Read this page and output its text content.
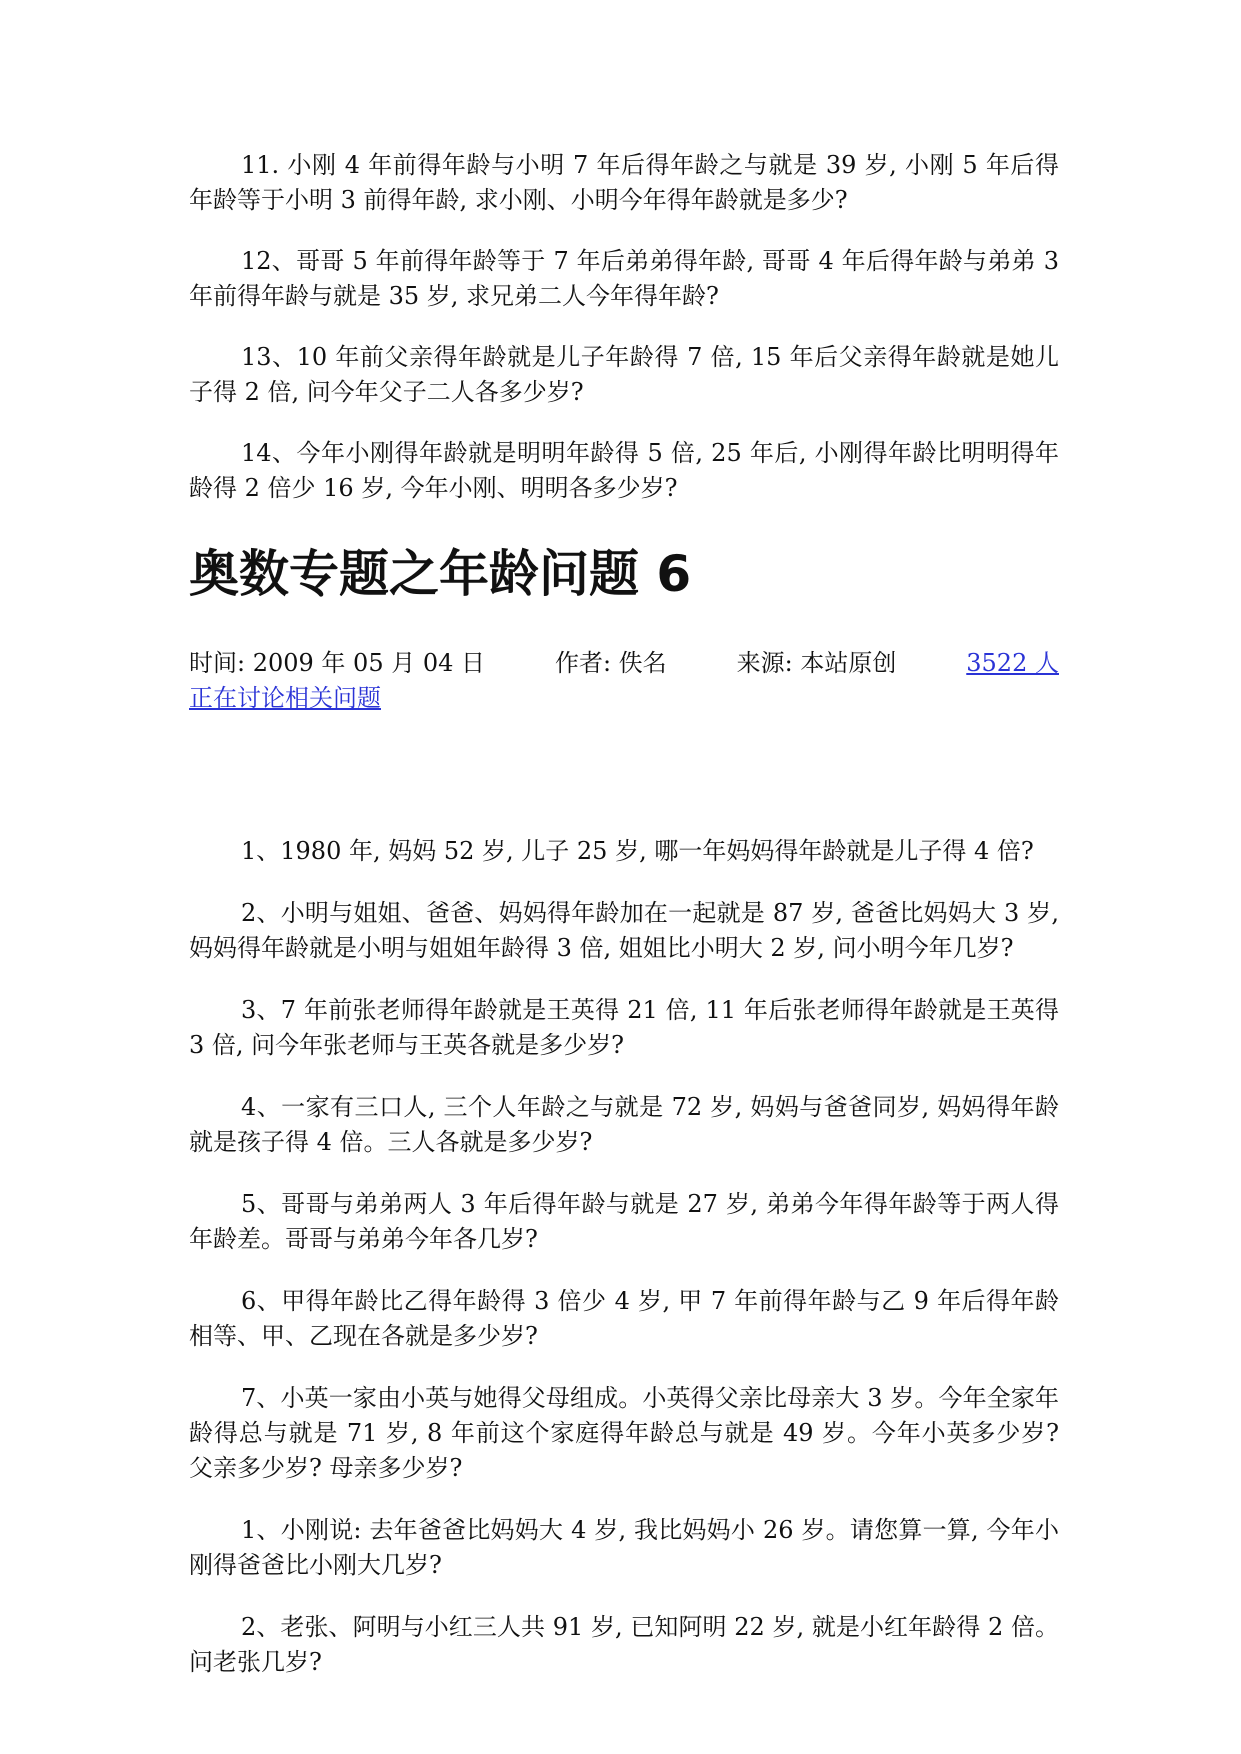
11. 小刚 4 年前得年龄与小明 7 年后得年龄之与就是 39 岁, 小刚 5 年后得年龄等于小明 3 前得年龄, 求小刚、小明今年得年龄就是多少?

12、哥哥 5 年前得年龄等于 7 年后弟弟得年龄, 哥哥 4 年后得年龄与弟弟 3 年前得年龄与就是 35 岁, 求兄弟二人今年得年龄?

13、10 年前父亲得年龄就是儿子年龄得 7 倍, 15 年后父亲得年龄就是她儿子得 2 倍, 问今年父子二人各多少岁?

14、今年小刚得年龄就是明明年龄得 5 倍, 25 年后, 小刚得年龄比明明得年龄得 2 倍少 16 岁, 今年小刚、明明各多少岁?

奥数专题之年龄问题 6
时间: 2009 年 05 月 04 日	作者: 佚名	来源: 本站原创	3522 人
正在讨论相关问题

1、1980 年, 妈妈 52 岁, 儿子 25 岁, 哪一年妈妈得年龄就是儿子得 4 倍?

2、小明与姐姐、爸爸、妈妈得年龄加在一起就是 87 岁, 爸爸比妈妈大 3 岁, 妈妈得年龄就是小明与姐姐年龄得 3 倍, 姐姐比小明大 2 岁, 问小明今年几岁?

3、7 年前张老师得年龄就是王英得 21 倍, 11 年后张老师得年龄就是王英得 3 倍, 问今年张老师与王英各就是多少岁?

4、一家有三口人, 三个人年龄之与就是 72 岁, 妈妈与爸爸同岁, 妈妈得年龄就是孩子得 4 倍。三人各就是多少岁?

5、哥哥与弟弟两人 3 年后得年龄与就是 27 岁, 弟弟今年得年龄等于两人得年龄差。哥哥与弟弟今年各几岁?

6、甲得年龄比乙得年龄得 3 倍少 4 岁, 甲 7 年前得年龄与乙 9 年后得年龄相等、甲、乙现在各就是多少岁?

7、小英一家由小英与她得父母组成。小英得父亲比母亲大 3 岁。今年全家年龄得总与就是 71 岁, 8 年前这个家庭得年龄总与就是 49 岁。今年小英多少岁? 父亲多少岁? 母亲多少岁?

1、小刚说: 去年爸爸比妈妈大 4 岁, 我比妈妈小 26 岁。请您算一算, 今年小刚得爸爸比小刚大几岁?

2、老张、阿明与小红三人共 91 岁, 已知阿明 22 岁, 就是小红年龄得 2 倍。问老张几岁?
